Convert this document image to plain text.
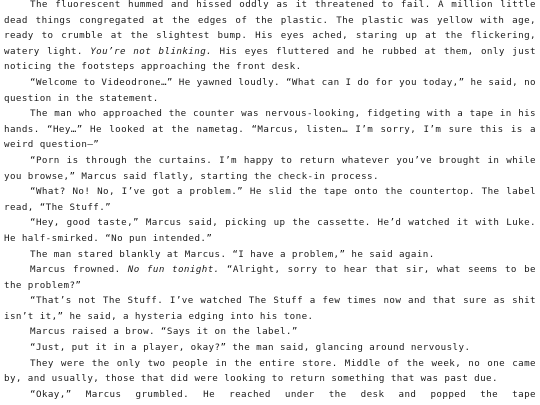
The fluorescent hummed and hissed oddly as it threatened to fail. A million little dead things congregated at the edges of the plastic. The plastic was yellow with age, ready to crumble at the slightest bump. His eyes ached, staring up at the flickering, watery light. You’re not blinking. His eyes fluttered and he rubbed at them, only just noticing the footsteps approaching the front desk.

“Welcome to Videodrone…” He yawned loudly. “What can I do for you today,” he said, no question in the statement.

The man who approached the counter was nervous-looking, fidgeting with a tape in his hands. “Hey…” He looked at the nametag. “Marcus, listen… I’m sorry, I’m sure this is a weird question—”

“Porn is through the curtains. I’m happy to return whatever you’ve brought in while you browse,” Marcus said flatly, starting the check-in process.

“What? No! No, I’ve got a problem.” He slid the tape onto the countertop. The label read, “The Stuff.”

“Hey, good taste,” Marcus said, picking up the cassette. He’d watched it with Luke. He half-smirked. “No pun intended.”

The man stared blankly at Marcus. “I have a problem,” he said again.

Marcus frowned. No fun tonight. “Alright, sorry to hear that sir, what seems to be the problem?”

“That’s not The Stuff. I’ve watched The Stuff a few times now and that sure as shit isn’t it,” he said, a hysteria edging into his tone.

Marcus raised a brow. “Says it on the label.”

“Just, put it in a player, okay?” the man said, glancing around nervously.

They were the only two people in the entire store. Middle of the week, no one came by, and usually, those that did were looking to return something that was past due.

“Okay,” Marcus grumbled. He reached under the desk and popped the tape
